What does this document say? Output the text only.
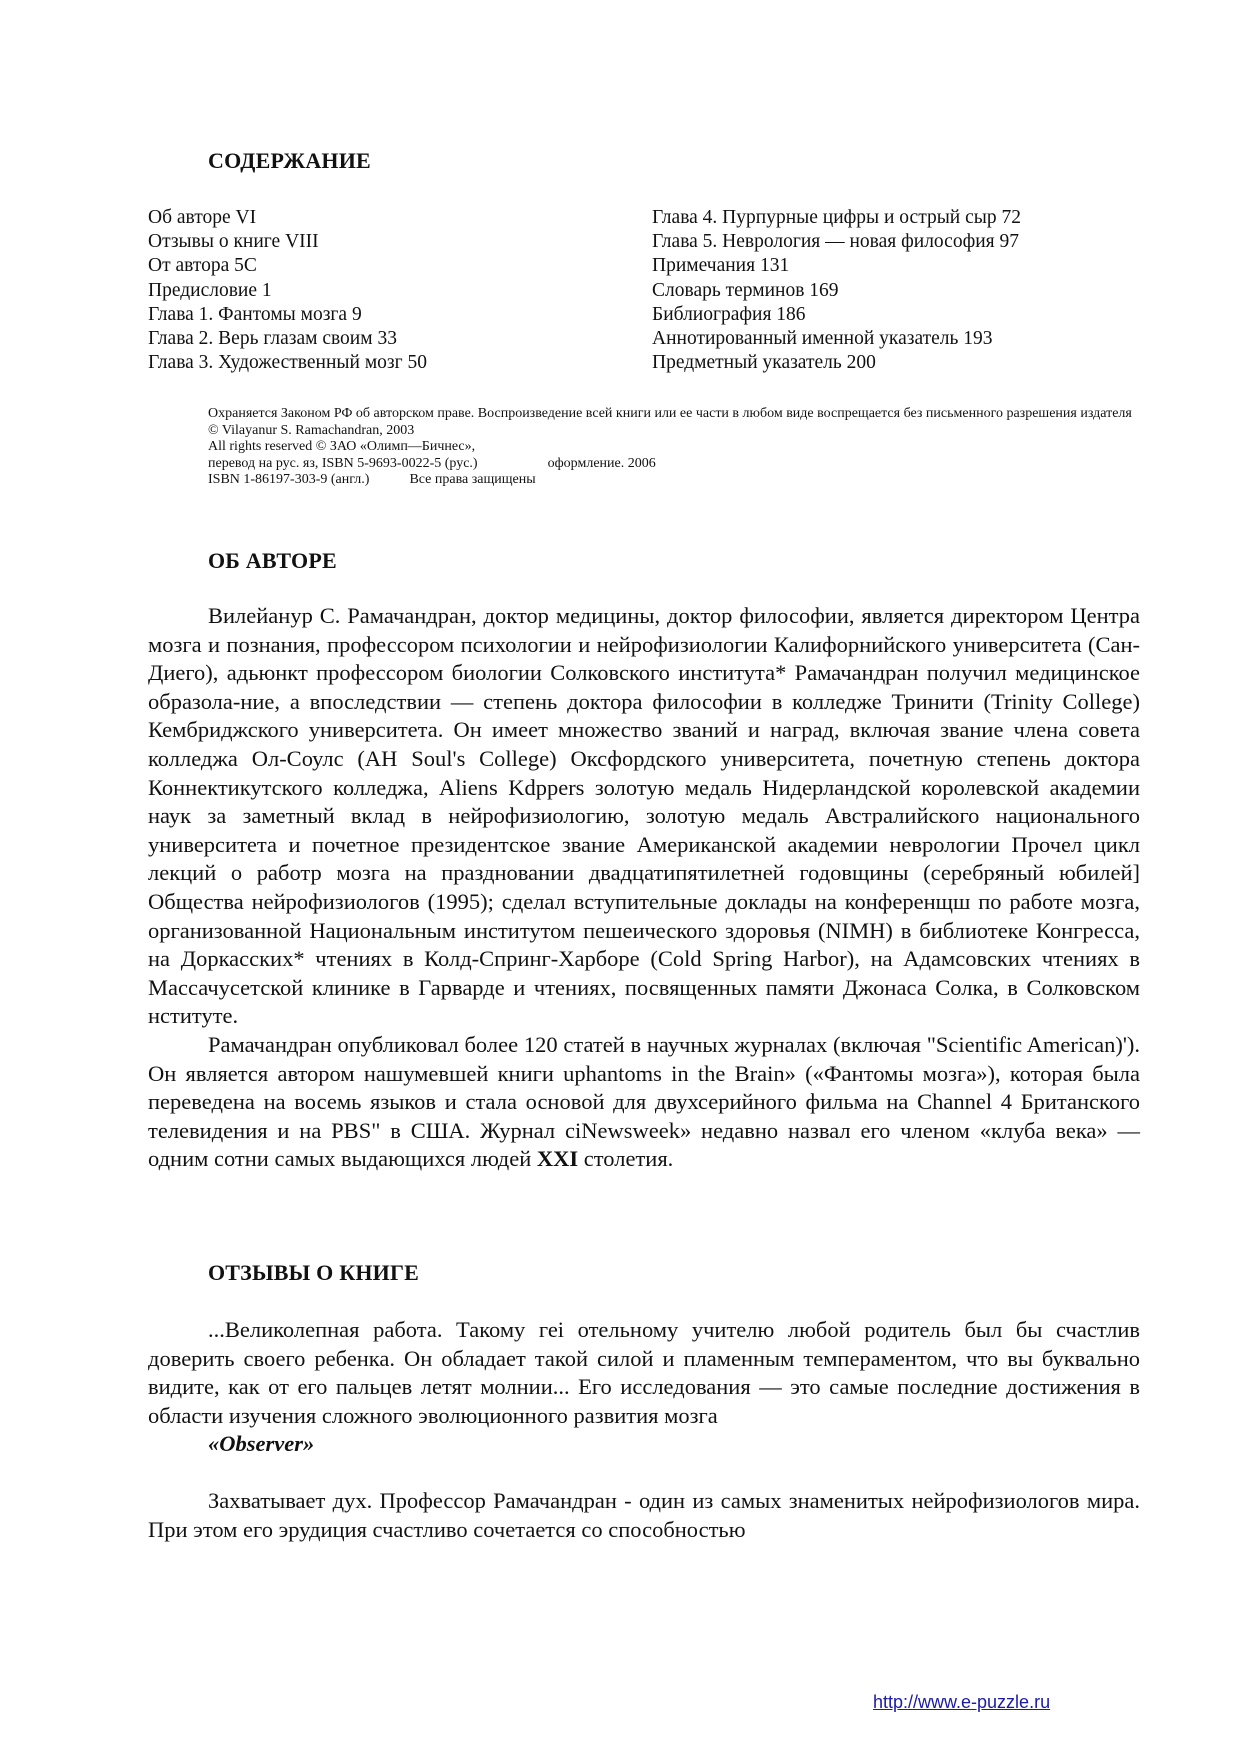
СОДЕРЖАНИЕ
Об авторе VI
Отзывы о книге VIII
От автора 5С
Предисловие 1
Глава 1. Фантомы мозга 9
Глава 2. Верь глазам своим 33
Глава 3. Художественный мозг 50
Глава 4. Пурпурные цифры и острый сыр 72
Глава 5. Неврология — новая философия 97
Примечания 131
Словарь терминов 169
Библиография 186
Аннотированный именной указатель 193
Предметный указатель 200

Охраняется Законом РФ об авторском праве. Воспроизведение всей книги или ее части в любом виде воспрещается без письменного разрешения издателя

© Vilayanur S. Ramachandran, 2003

All rights reserved © ЗАО «Олимп—Бичнес»,

перевод на рус. яз, ISBN 5-9693-0022-5 (рус.)	оформление. 2006

ISBN 1-86197-303-9 (англ.)	Все права защищены

ОБ АВТОРЕ

Вилейанур С. Рамачандран, доктор медицины, доктор философии, является директором Центра мозга и познания, профессором психологии и нейрофизиологии Калифорнийского университета (Сан-Диего), адьюнкт профессором биологии Солковского института* Рамачандран получил медицинское образола-ние, а впоследствии — степень доктора философии в колледже Тринити (Trinity College) Кембриджского университета. Он имеет множество званий и наград, включая звание члена совета колледжа Ол-Соулс (АН Soul's College) Оксфордского университета, почетную степень доктора Коннектикутского колледжа, Aliens Kdppers золотую медаль Нидерландской королевской академии наук за заметный вклад в нейрофизиологию, золотую медаль Австралийского национального университета и почетное президентское звание Американской академии неврологии Прочел цикл лекций о работр мозга на праздновании двадцатипятилетней годовщины (серебряный юбилей] Общества нейрофизиологов (1995); сделал вступительные доклады на конференщш по работе мозга, организованной Национальным институтом пешеического здоровья (NIMH) в библиотеке Конгресса, на Доркасских* чтениях в Колд-Спринг-Харборе (Cold Spring Harbor), на Адамсовских чтениях в Массачусетской клинике в Гарварде и чтениях, посвященных памяти Джонаса Солка, в Солковском нститутe.

Рамачандран опубликовал более 120 статей в научных журналах (включая "Scientific American)'). Он является автором нашумевшей книги uphantoms in the Brain» («Фантомы мозга»), которая была переведена на восемь языков и стала основой для двухсерийного фильма на Channel 4 Британского телевидения и на PBS" в США. Журнал ciNewsweek» недавно назвал его членом «клуба века» — одним сотни самых выдающихся людей XXI столетия.

ОТЗЫВЫ О КНИГЕ

...Великолепная работа. Такому геі отельному учителю любой родитель был бы счастлив доверить своего ребенка. Он обладает такой силой и пламенным темпераментом, что вы буквально видите, как от его пальцев летят молнии... Его исследования — это самые последние достижения в области изучения сложного эволюционного развития мозга

«Observer»

Захватывает дух. Профессор Рамачандран - один из самых знаменитых нейрофизиологов мира. При этом его эрудиция счастливо сочетается со способностью

http://www.e-puzzle.ru
